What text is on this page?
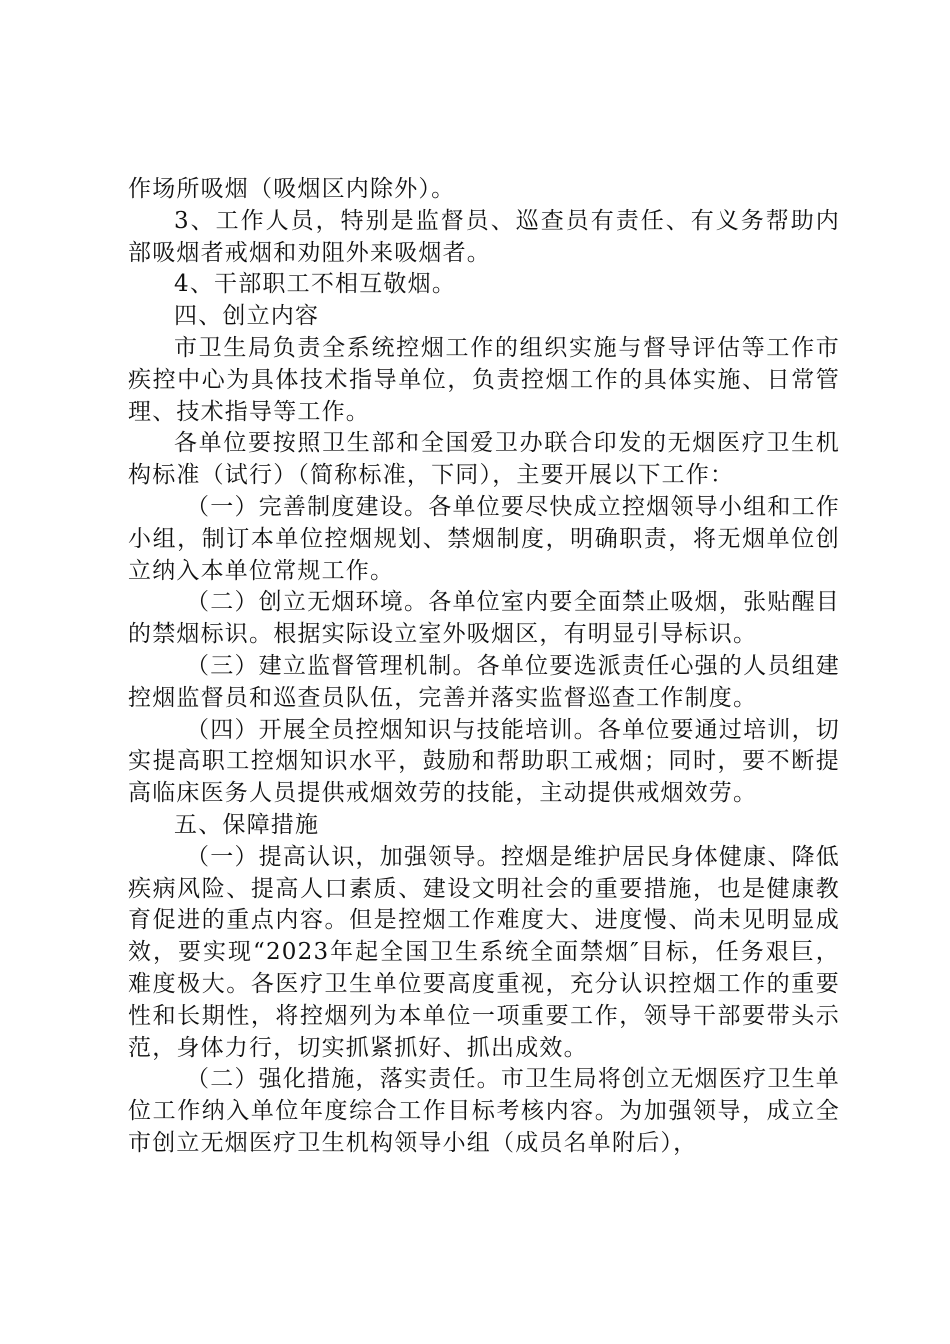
作场所吸烟（吸烟区内除外）。

3、工作人员，特别是监督员、巡查员有责任、有义务帮助内部吸烟者戒烟和劝阻外来吸烟者。

4、干部职工不相互敬烟。

四、创立内容

市卫生局负责全系统控烟工作的组织实施与督导评估等工作市疾控中心为具体技术指导单位，负责控烟工作的具体实施、日常管理、技术指导等工作。

各单位要按照卫生部和全国爱卫办联合印发的无烟医疗卫生机构标准（试行）（简称标准，下同），主要开展以下工作：

（一）完善制度建设。各单位要尽快成立控烟领导小组和工作小组，制订本单位控烟规划、禁烟制度，明确职责，将无烟单位创立纳入本单位常规工作。

（二）创立无烟环境。各单位室内要全面禁止吸烟，张贴醒目的禁烟标识。根据实际设立室外吸烟区，有明显引导标识。

（三）建立监督管理机制。各单位要选派责任心强的人员组建控烟监督员和巡查员队伍，完善并落实监督巡查工作制度。

（四）开展全员控烟知识与技能培训。各单位要通过培训，切实提高职工控烟知识水平，鼓励和帮助职工戒烟；同时，要不断提高临床医务人员提供戒烟效劳的技能，主动提供戒烟效劳。

五、保障措施

（一）提高认识，加强领导。控烟是维护居民身体健康、降低疾病风险、提高人口素质、建设文明社会的重要措施，也是健康教育促进的重点内容。但是控烟工作难度大、进度慢、尚未见明显成效，要实现“2023年起全国卫生系统全面禁烟″目标，任务艰巨，难度极大。各医疗卫生单位要高度重视，充分认识控烟工作的重要性和长期性，将控烟列为本单位一项重要工作，领导干部要带头示范，身体力行，切实抓紧抓好、抓出成效。

（二）强化措施，落实责任。市卫生局将创立无烟医疗卫生单位工作纳入单位年度综合工作目标考核内容。为加强领导，成立全市创立无烟医疗卫生机构领导小组（成员名单附后），
